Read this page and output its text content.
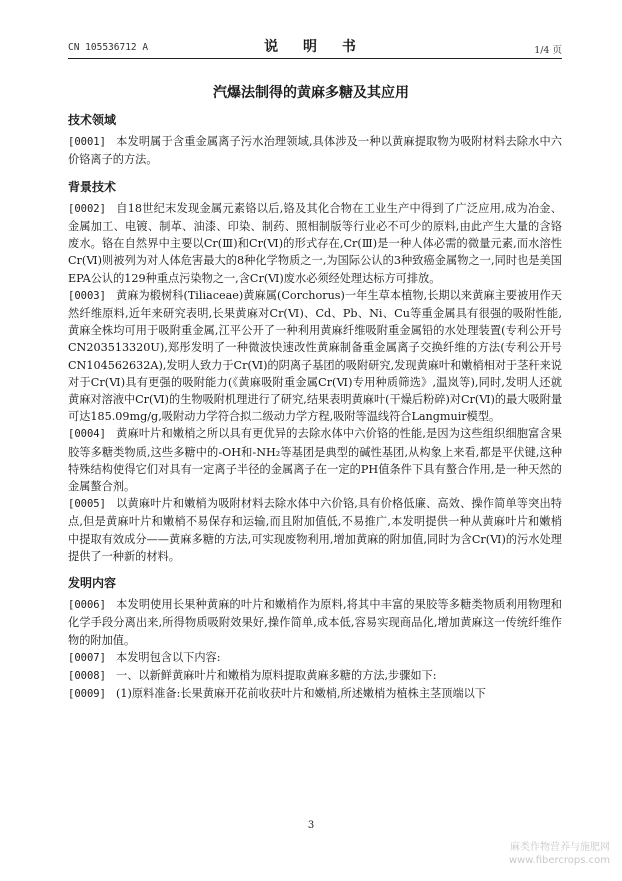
CN 105536712 A	说 明 书	1/4 页
汽爆法制得的黄麻多糖及其应用
技术领域

[0001] 本发明属于含重金属离子污水治理领域,具体涉及一种以黄麻提取物为吸附材料去除水中六价铬离子的方法。

背景技术

[0002] 自18世纪末发现金属元素铬以后,铬及其化合物在工业生产中得到了广泛应用,成为冶金、金属加工、电镀、制革、油漆、印染、制药、照相制版等行业必不可少的原料,由此产生大量的含铬废水。铬在自然界中主要以Cr(Ⅲ)和Cr(Ⅵ)的形式存在,Cr(Ⅲ)是一种人体必需的微量元素,而水溶性Cr(Ⅵ)则被列为对人体危害最大的8种化学物质之一,为国际公认的3种致癌金属物之一,同时也是美国EPA公认的129种重点污染物之一,含Cr(Ⅵ)废水必须经处理达标方可排放。

[0003] 黄麻为椴树科(Tiliaceae)黄麻属(Corchorus)一年生草本植物,长期以来黄麻主要被用作天然纤维原料,近年来研究表明,长果黄麻对Cr(Ⅵ)、Cd、Pb、Ni、Cu等重金属具有很强的吸附性能,黄麻全株均可用于吸附重金属,江平公开了一种利用黄麻纤维吸附重金属铅的水处理装置(专利公开号CN203513320U),郑彤发明了一种微波快速改性黄麻制备重金属离子交换纤维的方法(专利公开号CN104562632A),发明人致力于Cr(Ⅵ)的阴离子基团的吸附研究,发现黄麻叶和嫩梢相对于茎秆来说对于Cr(Ⅵ)具有更强的吸附能力(《黄麻吸附重金属Cr(Ⅵ)专用种质筛选》,温岚等),同时,发明人还就黄麻对溶液中Cr(Ⅵ)的生物吸附机理进行了研究,结果表明黄麻叶(干燥后粉碎)对Cr(Ⅵ)的最大吸附量可达185.09mg/g,吸附动力学符合拟二级动力学方程,吸附等温线符合Langmuir模型。

[0004] 黄麻叶片和嫩梢之所以具有更优异的去除水体中六价铬的性能,是因为这些组织细胞富含果胶等多糖类物质,这些多糖中的-OH和-NH₂等基团是典型的碱性基团,从构象上来看,都是平伏键,这种特殊结构使得它们对具有一定离子半径的金属离子在一定的PH值条件下具有螯合作用,是一种天然的金属螯合剂。

[0005] 以黄麻叶片和嫩梢为吸附材料去除水体中六价铬,具有价格低廉、高效、操作简单等突出特点,但是黄麻叶片和嫩梢不易保存和运输,而且附加值低,不易推广,本发明提供一种从黄麻叶片和嫩梢中提取有效成分——黄麻多糖的方法,可实现废物利用,增加黄麻的附加值,同时为含Cr(Ⅵ)的污水处理提供了一种新的材料。

发明内容

[0006] 本发明使用长果种黄麻的叶片和嫩梢作为原料,将其中丰富的果胶等多糖类物质利用物理和化学手段分离出来,所得物质吸附效果好,操作简单,成本低,容易实现商品化,增加黄麻这一传统纤维作物的附加值。

[0007] 本发明包含以下内容:

[0008] 一、以新鲜黄麻叶片和嫩梢为原料提取黄麻多糖的方法,步骤如下:

[0009] (1)原料准备:长果黄麻开花前收获叶片和嫩梢,所述嫩梢为植株主茎顶端以下

3
麻类作物营养与施肥网
www.fibercrops.com
